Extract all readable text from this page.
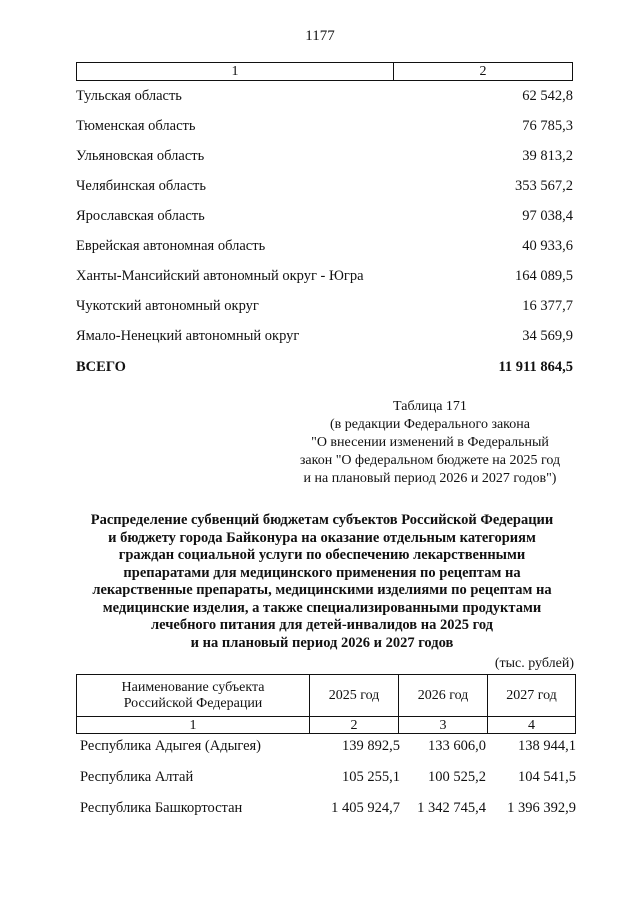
1177
1	2
Тульская область	62 542,8
Тюменская область	76 785,3
Ульяновская область	39 813,2
Челябинская область	353 567,2
Ярославская область	97 038,4
Еврейская автономная область	40 933,6
Ханты-Мансийский автономный округ - Югра	164 089,5
Чукотский автономный округ	16 377,7
Ямало-Ненецкий автономный округ	34 569,9
ВСЕГО	11 911 864,5
Таблица 171
(в редакции Федерального закона
"О внесении изменений в Федеральный
закон "О федеральном бюджете на 2025 год
и на плановый период 2026 и 2027 годов")
Распределение субвенций бюджетам субъектов Российской Федерации
и бюджету города Байконура на оказание отдельным категориям
граждан социальной услуги по обеспечению лекарственными
препаратами для медицинского применения по рецептам на
лекарственные препараты, медицинскими изделиями по рецептам на
медицинские изделия, а также специализированными продуктами
лечебного питания для детей-инвалидов на 2025 год
и на плановый период 2026 и 2027 годов
(тыс. рублей)
Наименование субъекта
Российской Федерации	2025 год	2026 год	2027 год
1	2	3	4
Республика Адыгея (Адыгея)	139 892,5	133 606,0	138 944,1
Республика Алтай	105 255,1	100 525,2	104 541,5
Республика Башкортостан	1 405 924,7	1 342 745,4	1 396 392,9
